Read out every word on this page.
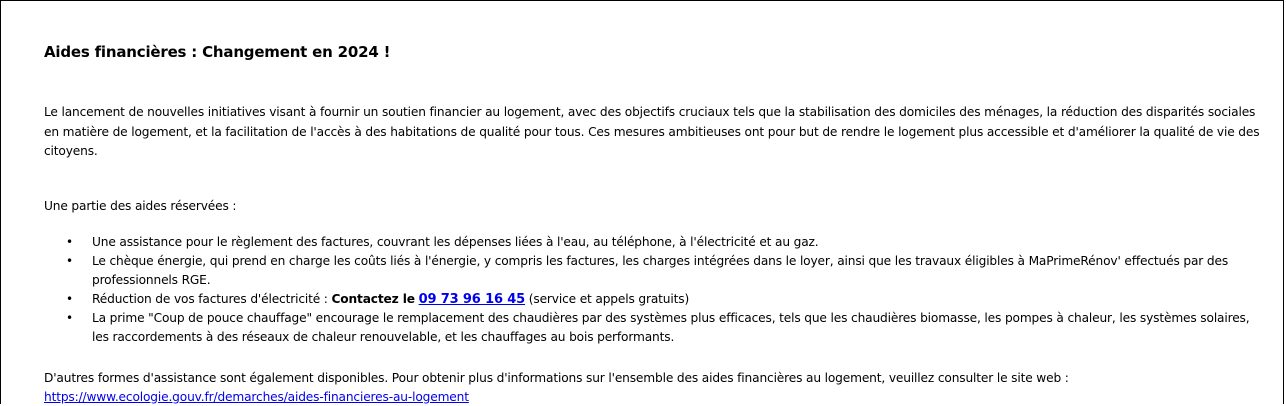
Aides financières : Changement en 2024 !

Le lancement de nouvelles initiatives visant à fournir un soutien financier au logement, avec des objectifs cruciaux tels que la stabilisation des domiciles des ménages, la réduction des disparités sociales en matière de logement, et la facilitation de l'accès à des habitations de qualité pour tous. Ces mesures ambitieuses ont pour but de rendre le logement plus accessible et d'améliorer la qualité de vie des citoyens.

Une partie des aides réservées :

• Une assistance pour le règlement des factures, couvrant les dépenses liées à l'eau, au téléphone, à l'électricité et au gaz.
• Le chèque énergie, qui prend en charge les coûts liés à l'énergie, y compris les factures, les charges intégrées dans le loyer, ainsi que les travaux éligibles à MaPrimeRénov' effectués par des professionnels RGE.
• Réduction de vos factures d'électricité : Contactez le 09 73 96 16 45 (service et appels gratuits)
• La prime "Coup de pouce chauffage" encourage le remplacement des chaudières par des systèmes plus efficaces, tels que les chaudières biomasse, les pompes à chaleur, les systèmes solaires, les raccordements à des réseaux de chaleur renouvelable, et les chauffages au bois performants.
D'autres formes d'assistance sont également disponibles. Pour obtenir plus d'informations sur l'ensemble des aides financières au logement, veuillez consulter le site web :
https://www.ecologie.gouv.fr/demarches/aides-financieres-au-logement
